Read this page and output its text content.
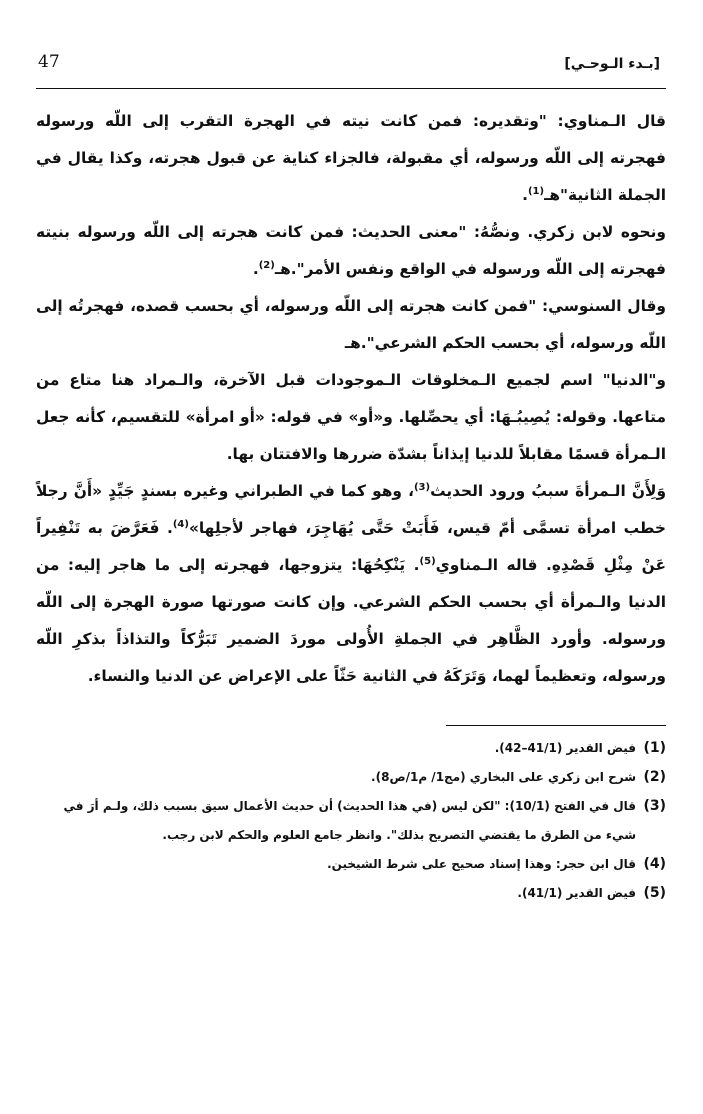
47	[بـدء الـوحـي]

قال الـمناوي: "وتقديره: فمن كانت نيته في الهجرة التقرب إلى اللّه ورسوله فهجرته إلى اللّه ورسوله، أي مقبولة، فالجزاء كناية عن قبول هجرته، وكذا يقال في الجملة الثانية"هـ$^{(1)}$.

ونحوه لابن زكري. ونصُّهُ: "معنى الحديث: فمن كانت هجرته إلى اللّه ورسوله بنيته فهجرته إلى اللّه ورسوله في الواقع ونفس الأمر".هـ$^{(2)}$.

وقال السنوسي: "فمن كانت هجرته إلى اللّه ورسوله، أي بحسب قصده، فهجرتُه إلى اللّه ورسوله، أي بحسب الحكم الشرعي".هـ

و"الدنيا" اسم لجميع الـمخلوقات الـموجودات قبل الآخرة، والـمراد هنا متاع من متاعها. وقوله: يُصِيبُـهَا: أي يحصِّلها. و«أو» في قوله: «أو امرأة» للتقسيم، كأنه جعل الـمرأة قسمًا مقابلاً للدنيا إيذاناً بشدّة ضررها والافتتان بها.

وَلِأَنَّ الـمرأةَ سببُ ورود الحديث$^{(3)}$، وهو كما في الطبراني وغيره بسندٍ جَيِّدٍ «أَنَّ رجلاً خطب امرأة تسمَّى أمّ قيس، فَأَبَتْ حَتَّى يُهَاجِرَ، فهاجر لأجلِها»$^{(4)}$. فَعَرَّضَ به تَنْفِيراً عَنْ مِثْلِ قَصْدِهِ. قاله الـمناوي$^{(5)}$. يَنْكِحُهَا: يتزوجها، فهجرته إلى ما هاجر إليه: من الدنيا والـمرأة أي بحسب الحكم الشرعي. وإن كانت صورتها صورة الهجرة إلى اللّه ورسوله. وأورد الظَّاهِر في الجملةِ الأُولى موردَ الضمير تَبَرُّكاً والتذاذاً بذكرِ اللّه ورسوله، وتعظيماً لهما، وَتَرَكَهُ في الثانية حَثّاً على الإعراض عن الدنيا والنساء.

(1)
فيض القدير (41/1–42).
(2)
شرح ابن زكري على البخاري (مج1/ م1/ص8).
(3)
قال في الفتح (10/1): "لكن ليس (في هذا الحديث) أن حديث الأعمال سيق بسبب ذلك، ولـم أرَ في شيء من الطرق ما يقتضي التصريح بذلك". وانظر جامع العلوم والحكم لابن رجب.
(4)
قال ابن حجر: وهذا إسناد صحيح على شرط الشيخين.
(5)
فيض القدير (41/1).
